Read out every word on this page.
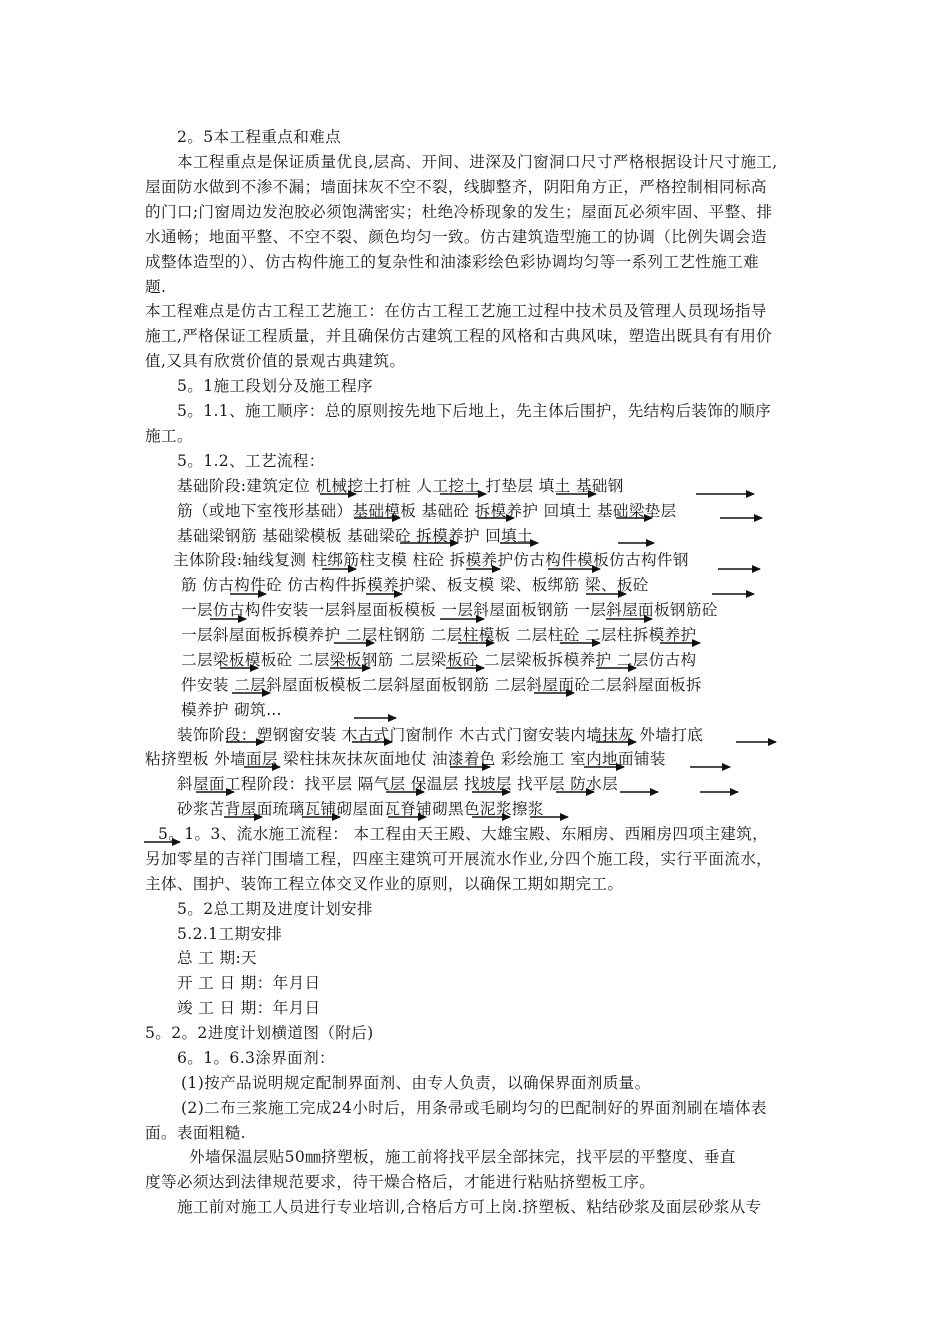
2。5本工程重点和难点
本工程重点是保证质量优良,层高、开间、进深及门窗洞口尺寸严格根据设计尺寸施工,
屋面防水做到不渗不漏；墙面抹灰不空不裂，线脚整齐，阴阳角方正，严格控制相同标高
的门口;门窗周边发泡胶必须饱满密实；杜绝冷桥现象的发生；屋面瓦必须牢固、平整、排
水通畅；地面平整、不空不裂、颜色均匀一致。仿古建筑造型施工的协调（比例失调会造
成整体造型的）、仿古构件施工的复杂性和油漆彩绘色彩协调均匀等一系列工艺性施工难
题.
本工程难点是仿古工程工艺施工：在仿古工程工艺施工过程中技术员及管理人员现场指导
施工,严格保证工程质量，并且确保仿古建筑工程的风格和古典风味，塑造出既具有有用价
值,又具有欣赏价值的景观古典建筑。
5。1施工段划分及施工程序
5。1.1、施工顺序：总的原则按先地下后地上，先主体后围护，先结构后装饰的顺序
施工。
5。1.2、工艺流程：
基础阶段:建筑定位 机械挖土打桩 人工挖土 打垫层 填土 基础钢
筋（或地下室筏形基础）基础模板 基础砼 拆模养护 回填土 基础梁垫层
基础梁钢筋 基础梁模板 基础梁砼 拆模养护 回填土
主体阶段:轴线复测 柱绑筋柱支模 柱砼 拆模养护仿古构件模板仿古构件钢
筋 仿古构件砼 仿古构件拆模养护梁、板支模 梁、板绑筋 梁、板砼
一层仿古构件安装一层斜屋面板模板 一层斜屋面板钢筋 一层斜屋面板钢筋砼
一层斜屋面板拆模养护 二层柱钢筋 二层柱模板 二层柱砼 二层柱拆模养护
二层梁板模板砼 二层梁板钢筋 二层梁板砼 二层梁板拆模养护 二层仿古构
件安装 二层斜屋面板模板二层斜屋面板钢筋 二层斜屋面砼二层斜屋面板拆
模养护 砌筑…
装饰阶段：塑钢窗安装 木古式门窗制作 木古式门窗安装内墙抹灰 外墙打底
粘挤塑板 外墙面层 梁柱抹灰抹灰面地仗 油漆着色 彩绘施工 室内地面铺装
斜屋面工程阶段：找平层 隔气层 保温层 找坡层 找平层 防水层
砂浆苫背屋面琉璃瓦铺砌屋面瓦脊铺砌黑色泥浆擦浆
5。1。3、流水施工流程： 本工程由天王殿、大雄宝殿、东厢房、西厢房四项主建筑，
另加零星的吉祥门围墙工程，四座主建筑可开展流水作业,分四个施工段，实行平面流水，
主体、围护、装饰工程立体交叉作业的原则，以确保工期如期完工。
5。2总工期及进度计划安排
5.2.1工期安排
总 工 期:天
开 工 日 期：年月日
竣 工 日 期：年月日
5。2。2进度计划横道图（附后)
6。1。6.3涂界面剂：
(1)按产品说明规定配制界面剂、由专人负责，以确保界面剂质量。
(2)二布三浆施工完成24小时后，用条帚或毛刷均匀的巴配制好的界面剂刷在墙体表
面。表面粗糙.
外墙保温层贴50㎜挤塑板，施工前将找平层全部抹完，找平层的平整度、垂直
度等必须达到法律规范要求，待干燥合格后，才能进行粘贴挤塑板工序。
施工前对施工人员进行专业培训,合格后方可上岗.挤塑板、粘结砂浆及面层砂浆从专
